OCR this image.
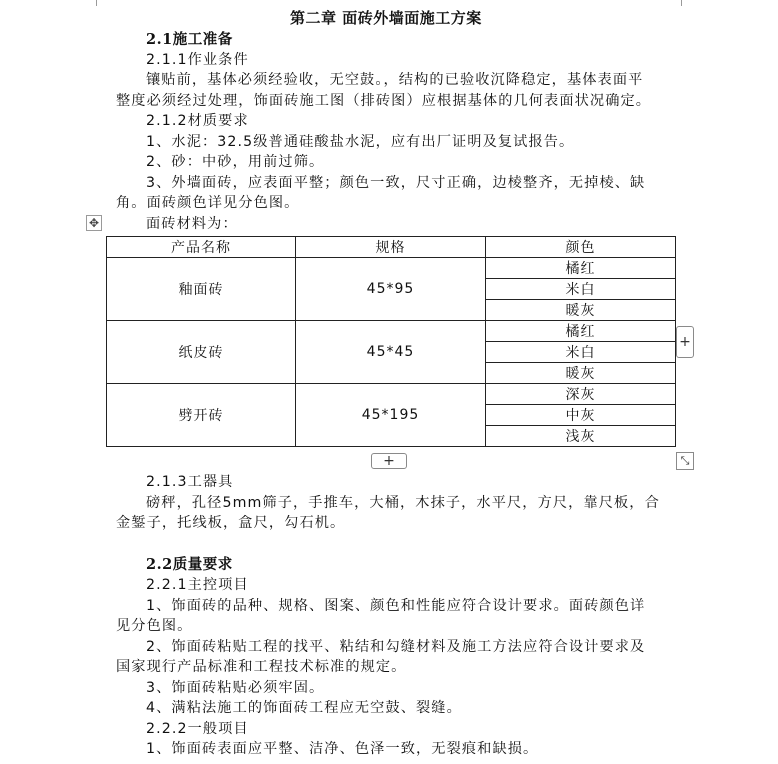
第二章 面砖外墙面施工方案
2.1施工准备
2.1.1作业条件
镶贴前，基体必须经验收，无空鼓。，结构的已验收沉降稳定，基体表面平
整度必须经过处理，饰面砖施工图（排砖图）应根据基体的几何表面状况确定。
2.1.2材质要求
1、水泥：32.5级普通硅酸盐水泥，应有出厂证明及复试报告。
2、砂：中砂，用前过筛。
3、外墙面砖，应表面平整；颜色一致，尺寸正确，边棱整齐，无掉棱、缺
角。面砖颜色详见分色图。
面砖材料为：
✥
产品名称	规格	颜色
釉面砖	45*95	橘红
		米白
		暖灰
纸皮砖	45*45	橘红
		米白
		暖灰
劈开砖	45*195	深灰
		中灰
		浅灰
+
+	⤡
2.1.3工器具
磅秤，孔径5mm筛子，手推车，大桶，木抹子，水平尺，方尺，靠尺板，合
金錾子，托线板，盒尺，勾石机。
2.2质量要求
2.2.1主控项目
1、饰面砖的品种、规格、图案、颜色和性能应符合设计要求。面砖颜色详
见分色图。
2、饰面砖粘贴工程的找平、粘结和勾缝材料及施工方法应符合设计要求及
国家现行产品标准和工程技术标准的规定。
3、饰面砖粘贴必须牢固。
4、满粘法施工的饰面砖工程应无空鼓、裂缝。
2.2.2一般项目
1、饰面砖表面应平整、洁净、色泽一致，无裂痕和缺损。
